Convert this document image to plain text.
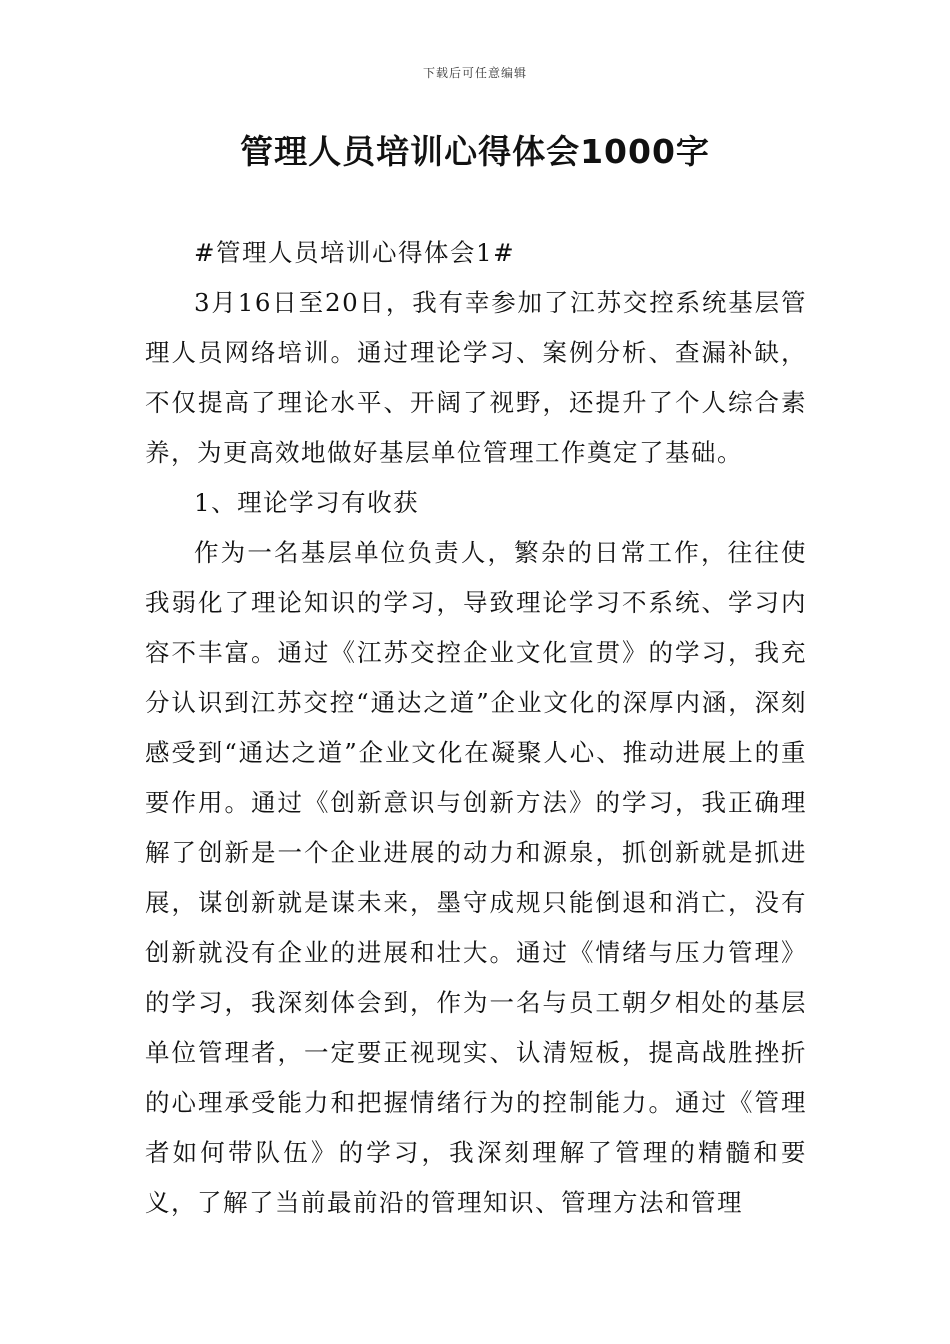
下载后可任意编辑
管理人员培训心得体会1000字

#管理人员培训心得体会1#

3月16日至20日，我有幸参加了江苏交控系统基层管理人员网络培训。通过理论学习、案例分析、查漏补缺，不仅提高了理论水平、开阔了视野，还提升了个人综合素养，为更高效地做好基层单位管理工作奠定了基础。

1、理论学习有收获

作为一名基层单位负责人，繁杂的日常工作，往往使我弱化了理论知识的学习，导致理论学习不系统、学习内容不丰富。通过《江苏交控企业文化宣贯》的学习，我充分认识到江苏交控“通达之道”企业文化的深厚内涵，深刻感受到“通达之道”企业文化在凝聚人心、推动进展上的重要作用。通过《创新意识与创新方法》的学习，我正确理解了创新是一个企业进展的动力和源泉，抓创新就是抓进展，谋创新就是谋未来，墨守成规只能倒退和消亡，没有创新就没有企业的进展和壮大。通过《情绪与压力管理》的学习，我深刻体会到，作为一名与员工朝夕相处的基层单位管理者，一定要正视现实、认清短板，提高战胜挫折的心理承受能力和把握情绪行为的控制能力。通过《管理者如何带队伍》的学习，我深刻理解了管理的精髓和要义，了解了当前最前沿的管理知识、管理方法和管理
